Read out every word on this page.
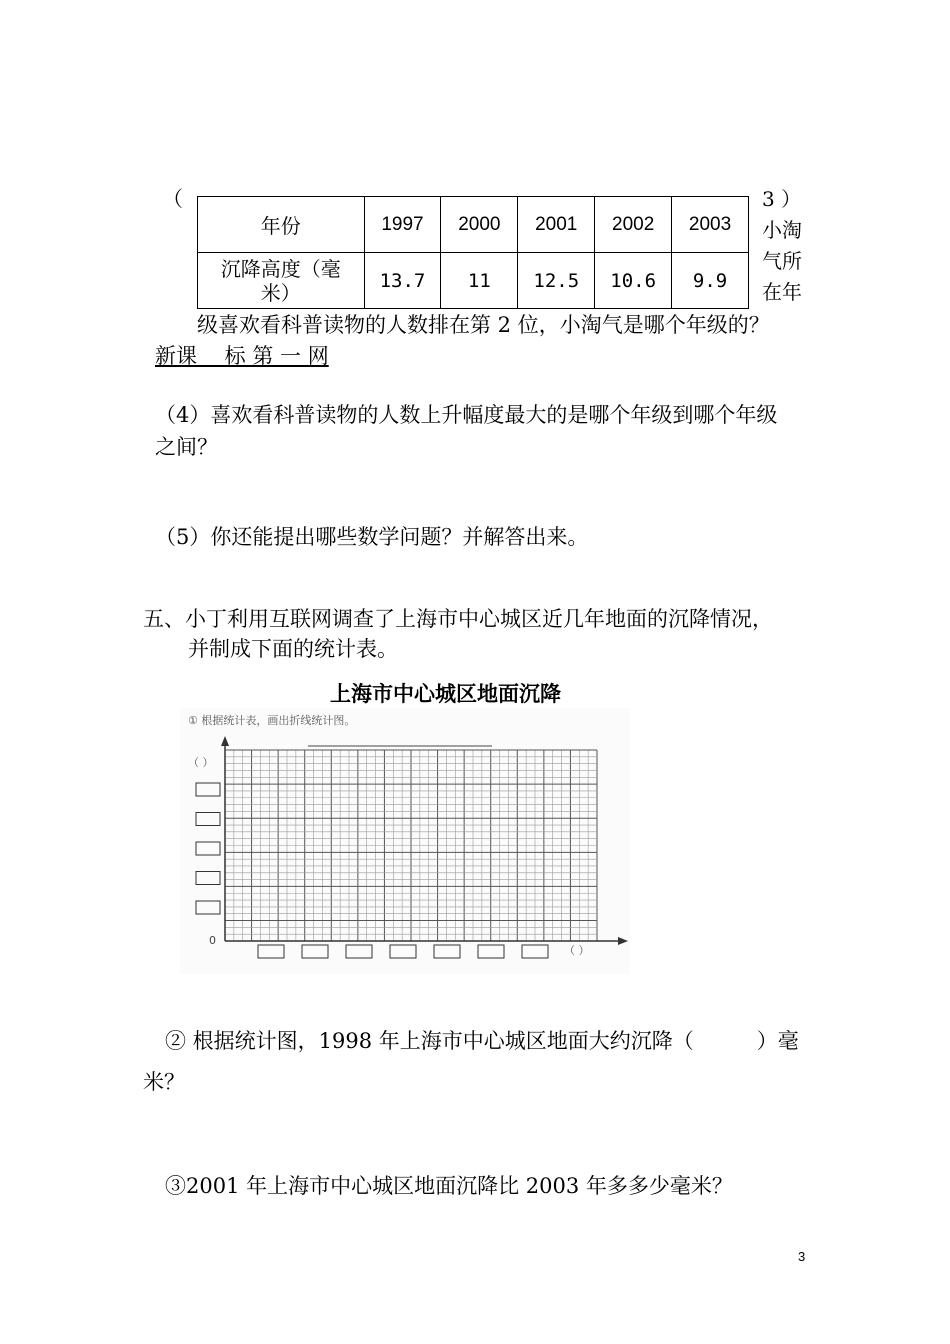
（
年份	1997	2000	2001	2002	2003

沉降高度（毫
米）	13.7	11	12.5	10.6	9.9
3 ）
小淘
气所
在年
级喜欢看科普读物的人数排在第 2 位，小淘气是哪个年级的？
新课　 标 第 一 网
（4）喜欢看科普读物的人数上升幅度最大的是哪个年级到哪个年级
之间？
（5）你还能提出哪些数学问题？并解答出来。
五、小丁利用互联网调查了上海市中心城区近几年地面的沉降情况，
并制成下面的统计表。
上海市中心城区地面沉降
① 根据统计表，画出折线统计图。
（ ）
0
（ ）
② 根据统计图，1998 年上海市中心城区地面大约沉降（　　　）毫
米？
③2001 年上海市中心城区地面沉降比 2003 年多多少毫米？
3
